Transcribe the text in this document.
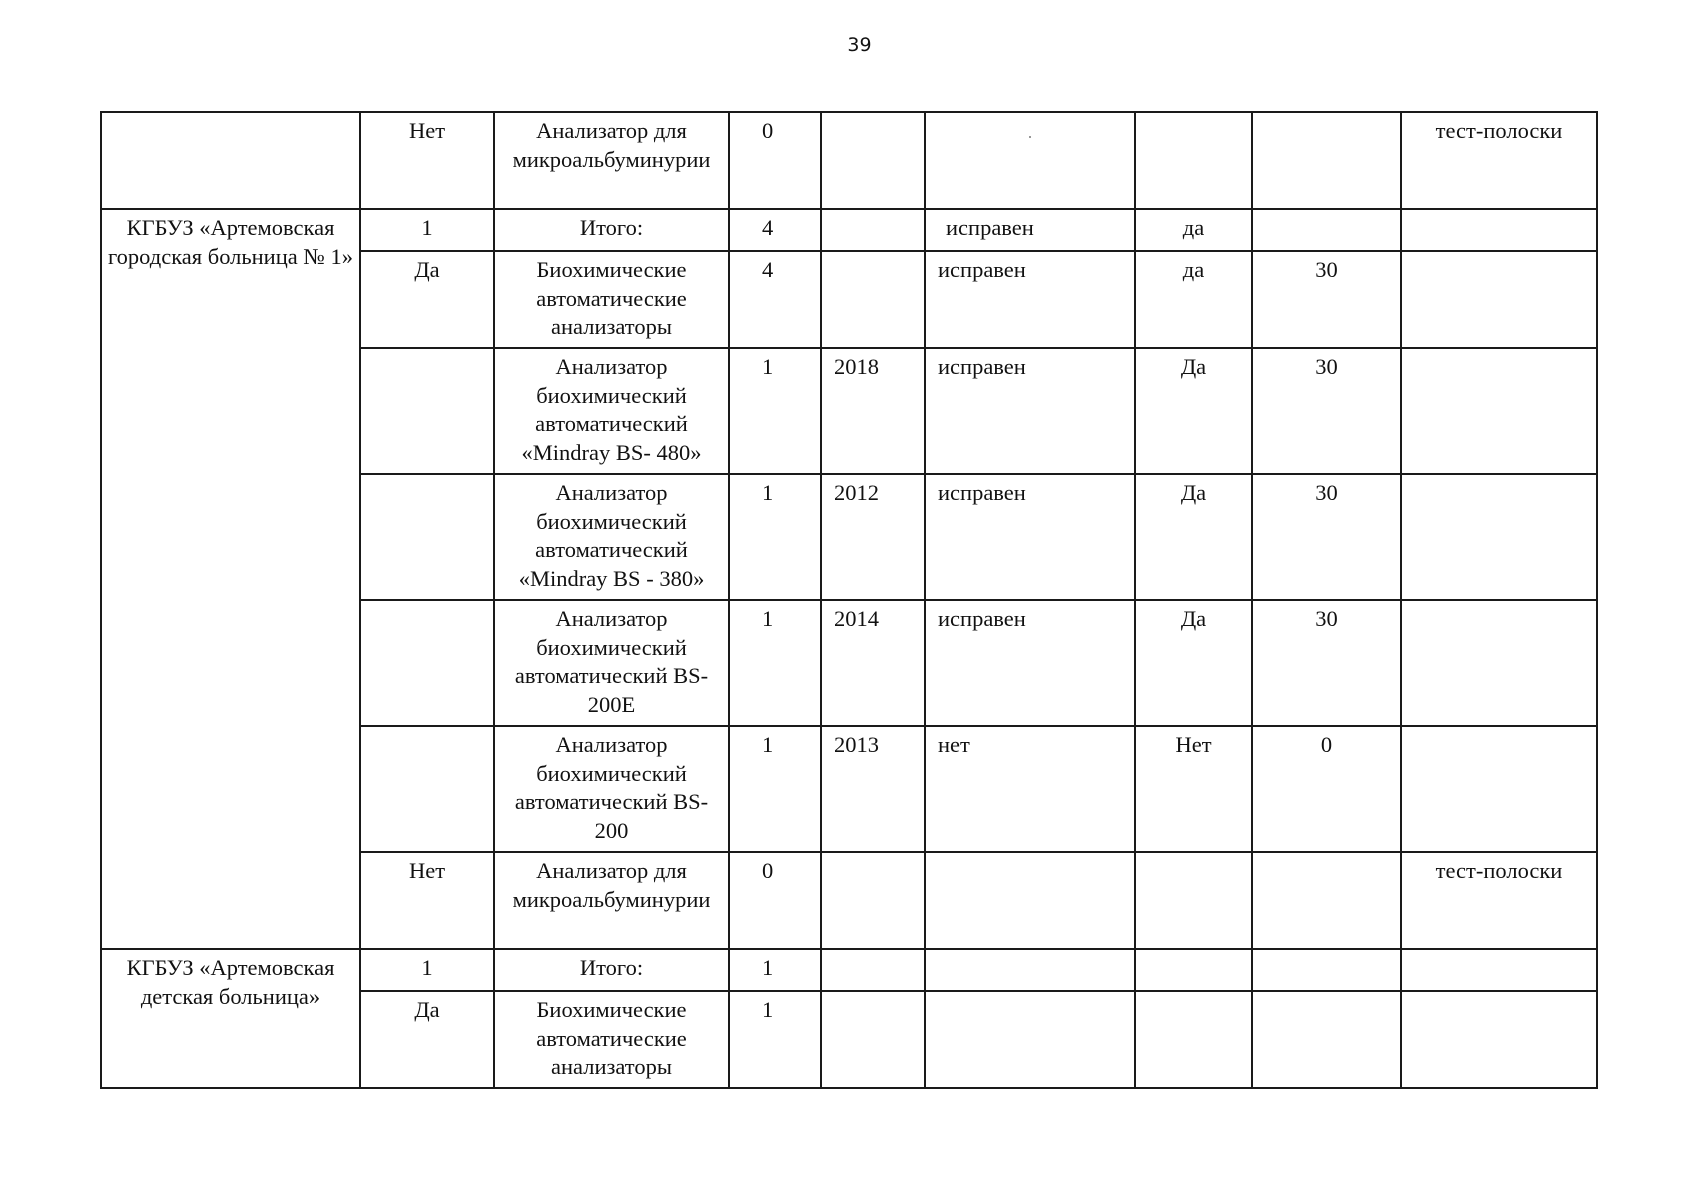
39
	Нет	Анализатор для микроальбуминурии	0					тест-полоски
КГБУЗ «Артемовская городская больница № 1»	1	Итого:	4		исправен	да		
	Да	Биохимические автоматические анализаторы	4		исправен	да	30	
		Анализатор биохимический автоматический «Mindray BS- 480»	1	2018	исправен	Да	30	
		Анализатор биохимический автоматический «Mindray BS - 380»	1	2012	исправен	Да	30	
		Анализатор биохимический автоматический BS-200E	1	2014	исправен	Да	30	
		Анализатор биохимический автоматический BS-200	1	2013	нет	Нет	0	
	Нет	Анализатор для микроальбуминурии	0					тест-полоски
КГБУЗ «Артемовская детская больница»	1	Итого:	1					
	Да	Биохимические автоматические анализаторы	1					
